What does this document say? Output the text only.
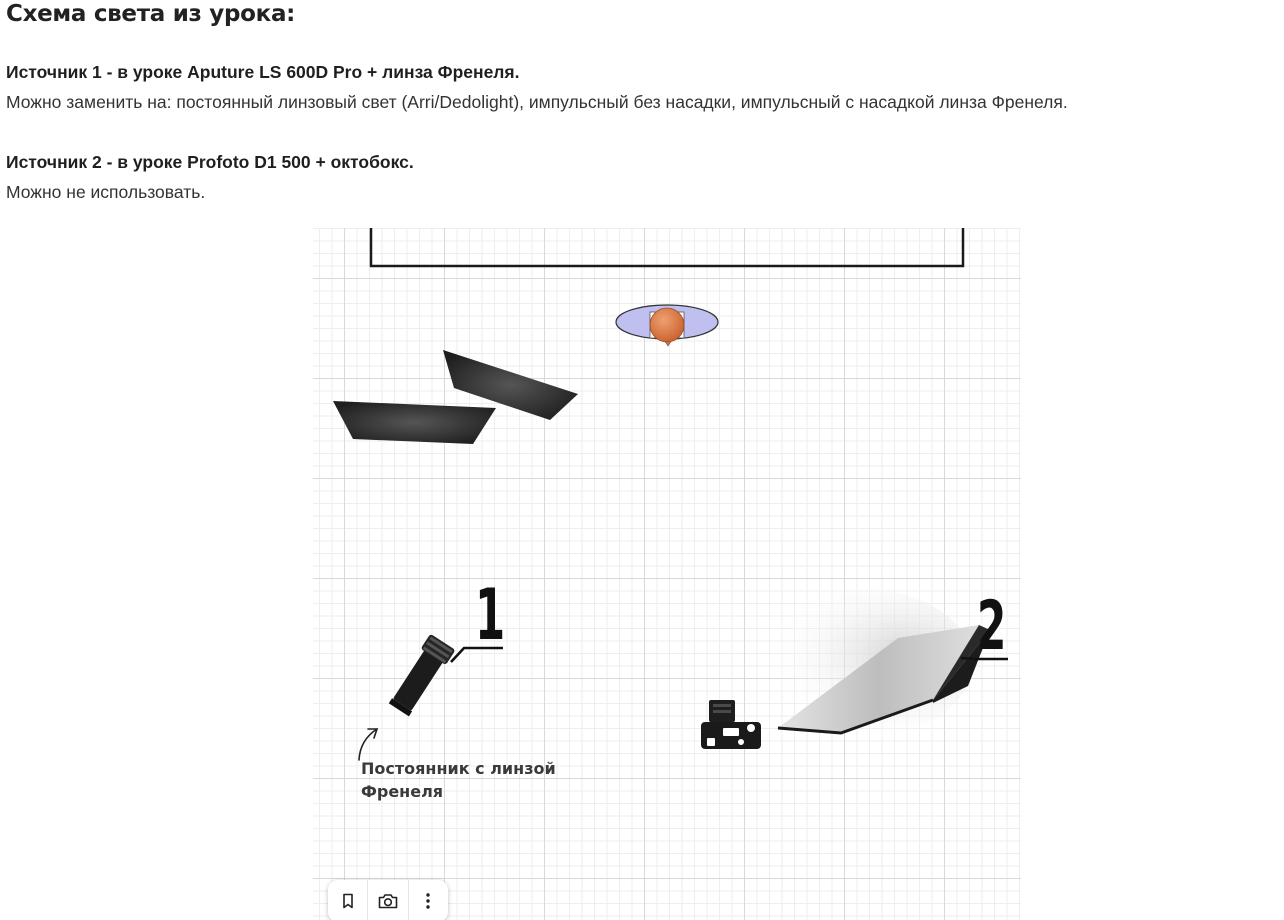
Схема света из урока:

Источник 1 - в уроке Aputure LS 600D Pro + линза Френеля.

Можно заменить на: постоянный линзовый свет (Arri/Dedolight), импульсный без насадки, импульсный с насадкой линза Френеля.

Источник 2 - в уроке Profoto D1 500 + октобокс.

Можно не использовать.

1	2
Постоянник с линзой
Френеля
